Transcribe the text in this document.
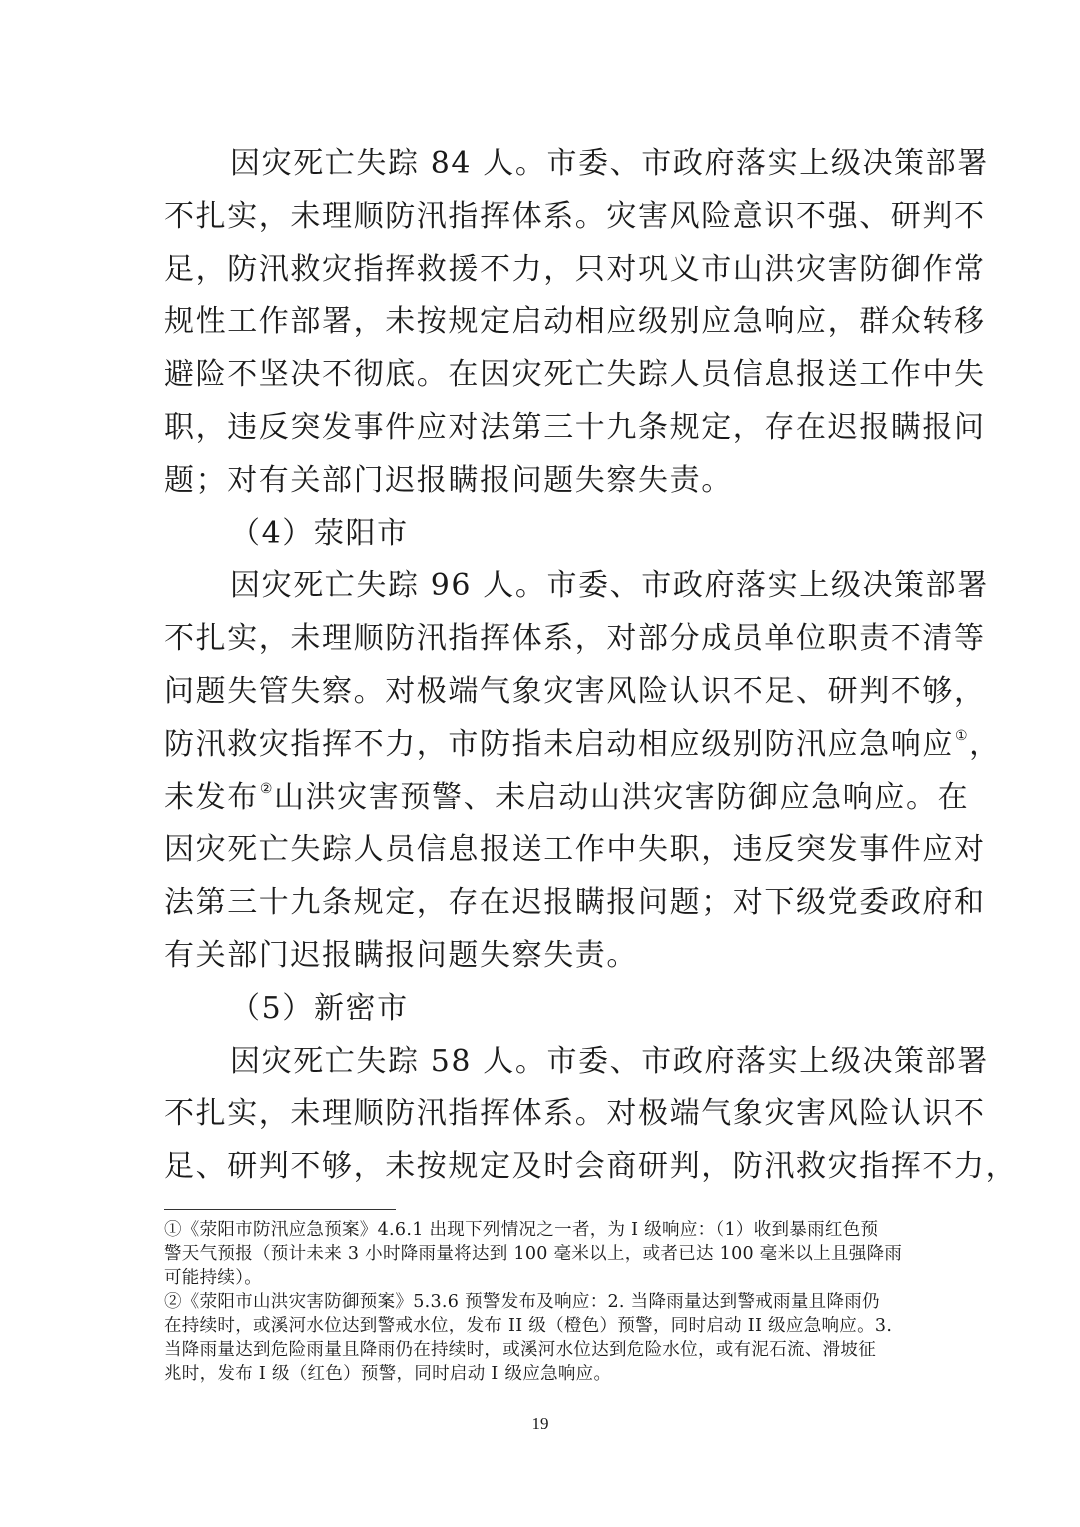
因灾死亡失踪 84 人。市委、市政府落实上级决策部署
不扎实，未理顺防汛指挥体系。灾害风险意识不强、研判不
足，防汛救灾指挥救援不力，只对巩义市山洪灾害防御作常
规性工作部署，未按规定启动相应级别应急响应，群众转移
避险不坚决不彻底。在因灾死亡失踪人员信息报送工作中失
职，违反突发事件应对法第三十九条规定，存在迟报瞒报问
题；对有关部门迟报瞒报问题失察失责。
（4）荥阳市
因灾死亡失踪 96 人。市委、市政府落实上级决策部署
不扎实，未理顺防汛指挥体系，对部分成员单位职责不清等
问题失管失察。对极端气象灾害风险认识不足、研判不够，
防汛救灾指挥不力，市防指未启动相应级别防汛应急响应①，
未发布②山洪灾害预警、未启动山洪灾害防御应急响应。在
因灾死亡失踪人员信息报送工作中失职，违反突发事件应对
法第三十九条规定，存在迟报瞒报问题；对下级党委政府和
有关部门迟报瞒报问题失察失责。
（5）新密市
因灾死亡失踪 58 人。市委、市政府落实上级决策部署
不扎实，未理顺防汛指挥体系。对极端气象灾害风险认识不
足、研判不够，未按规定及时会商研判，防汛救灾指挥不力，
①《荥阳市防汛应急预案》4.6.1 出现下列情况之一者，为 I 级响应：（1）收到暴雨红色预
警天气预报（预计未来 3 小时降雨量将达到 100 毫米以上，或者已达 100 毫米以上且强降雨
可能持续）。
②《荥阳市山洪灾害防御预案》5.3.6 预警发布及响应：2. 当降雨量达到警戒雨量且降雨仍
在持续时，或溪河水位达到警戒水位，发布 II 级（橙色）预警，同时启动 II 级应急响应。3.
当降雨量达到危险雨量且降雨仍在持续时，或溪河水位达到危险水位，或有泥石流、滑坡征
兆时，发布 I 级（红色）预警，同时启动 I 级应急响应。
19
